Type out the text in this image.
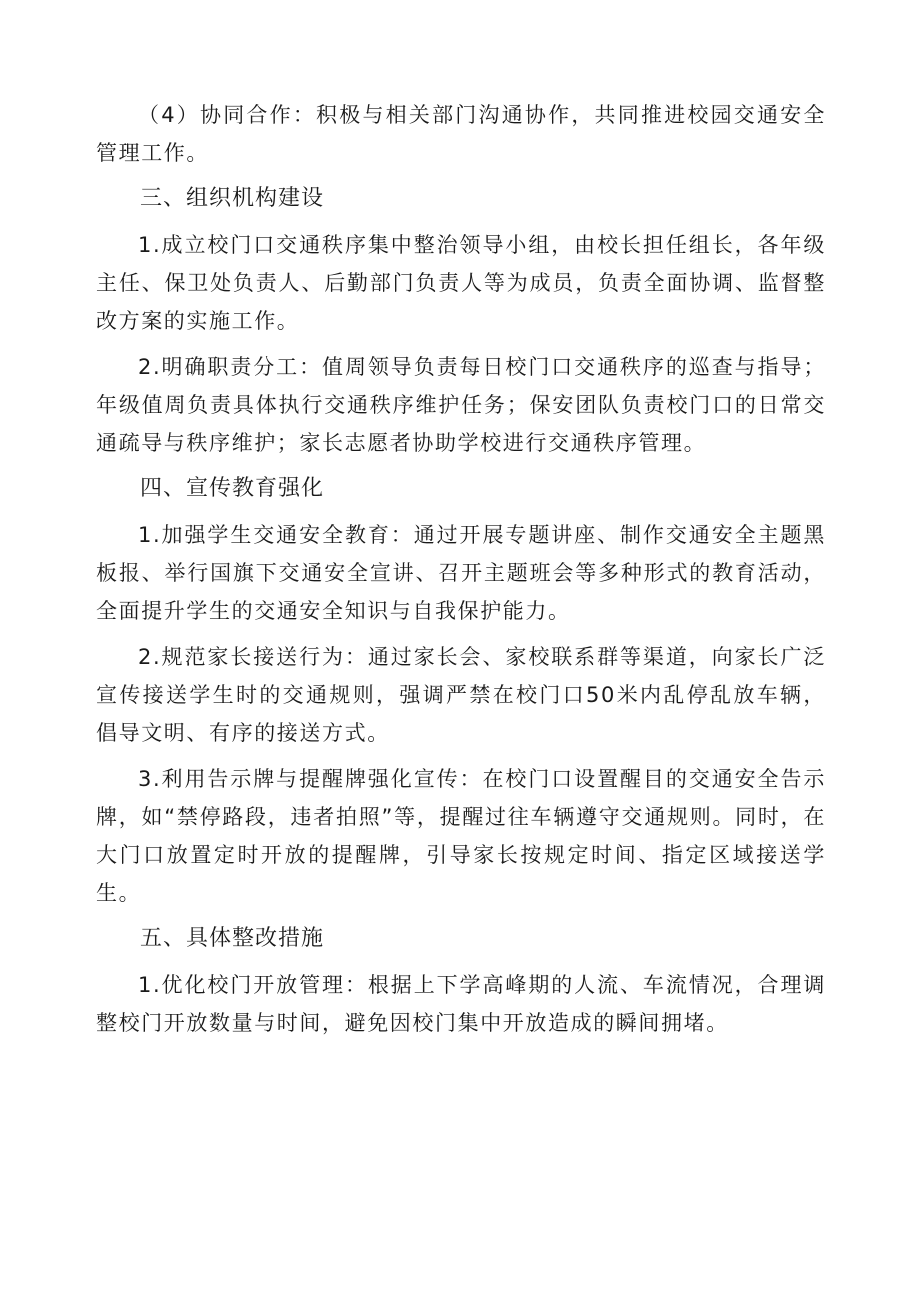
（4）协同合作：积极与相关部门沟通协作，共同推进校园交通安全管理工作。

三、组织机构建设

1.成立校门口交通秩序集中整治领导小组，由校长担任组长，各年级主任、保卫处负责人、后勤部门负责人等为成员，负责全面协调、监督整改方案的实施工作。

2.明确职责分工：值周领导负责每日校门口交通秩序的巡查与指导；年级值周负责具体执行交通秩序维护任务；保安团队负责校门口的日常交通疏导与秩序维护；家长志愿者协助学校进行交通秩序管理。

四、宣传教育强化

1.加强学生交通安全教育：通过开展专题讲座、制作交通安全主题黑板报、举行国旗下交通安全宣讲、召开主题班会等多种形式的教育活动，全面提升学生的交通安全知识与自我保护能力。

2.规范家长接送行为：通过家长会、家校联系群等渠道，向家长广泛宣传接送学生时的交通规则，强调严禁在校门口50米内乱停乱放车辆，倡导文明、有序的接送方式。

3.利用告示牌与提醒牌强化宣传：在校门口设置醒目的交通安全告示牌，如“禁停路段，违者拍照”等，提醒过往车辆遵守交通规则。同时，在大门口放置定时开放的提醒牌，引导家长按规定时间、指定区域接送学生。

五、具体整改措施

1.优化校门开放管理：根据上下学高峰期的人流、车流情况，合理调整校门开放数量与时间，避免因校门集中开放造成的瞬间拥堵。
